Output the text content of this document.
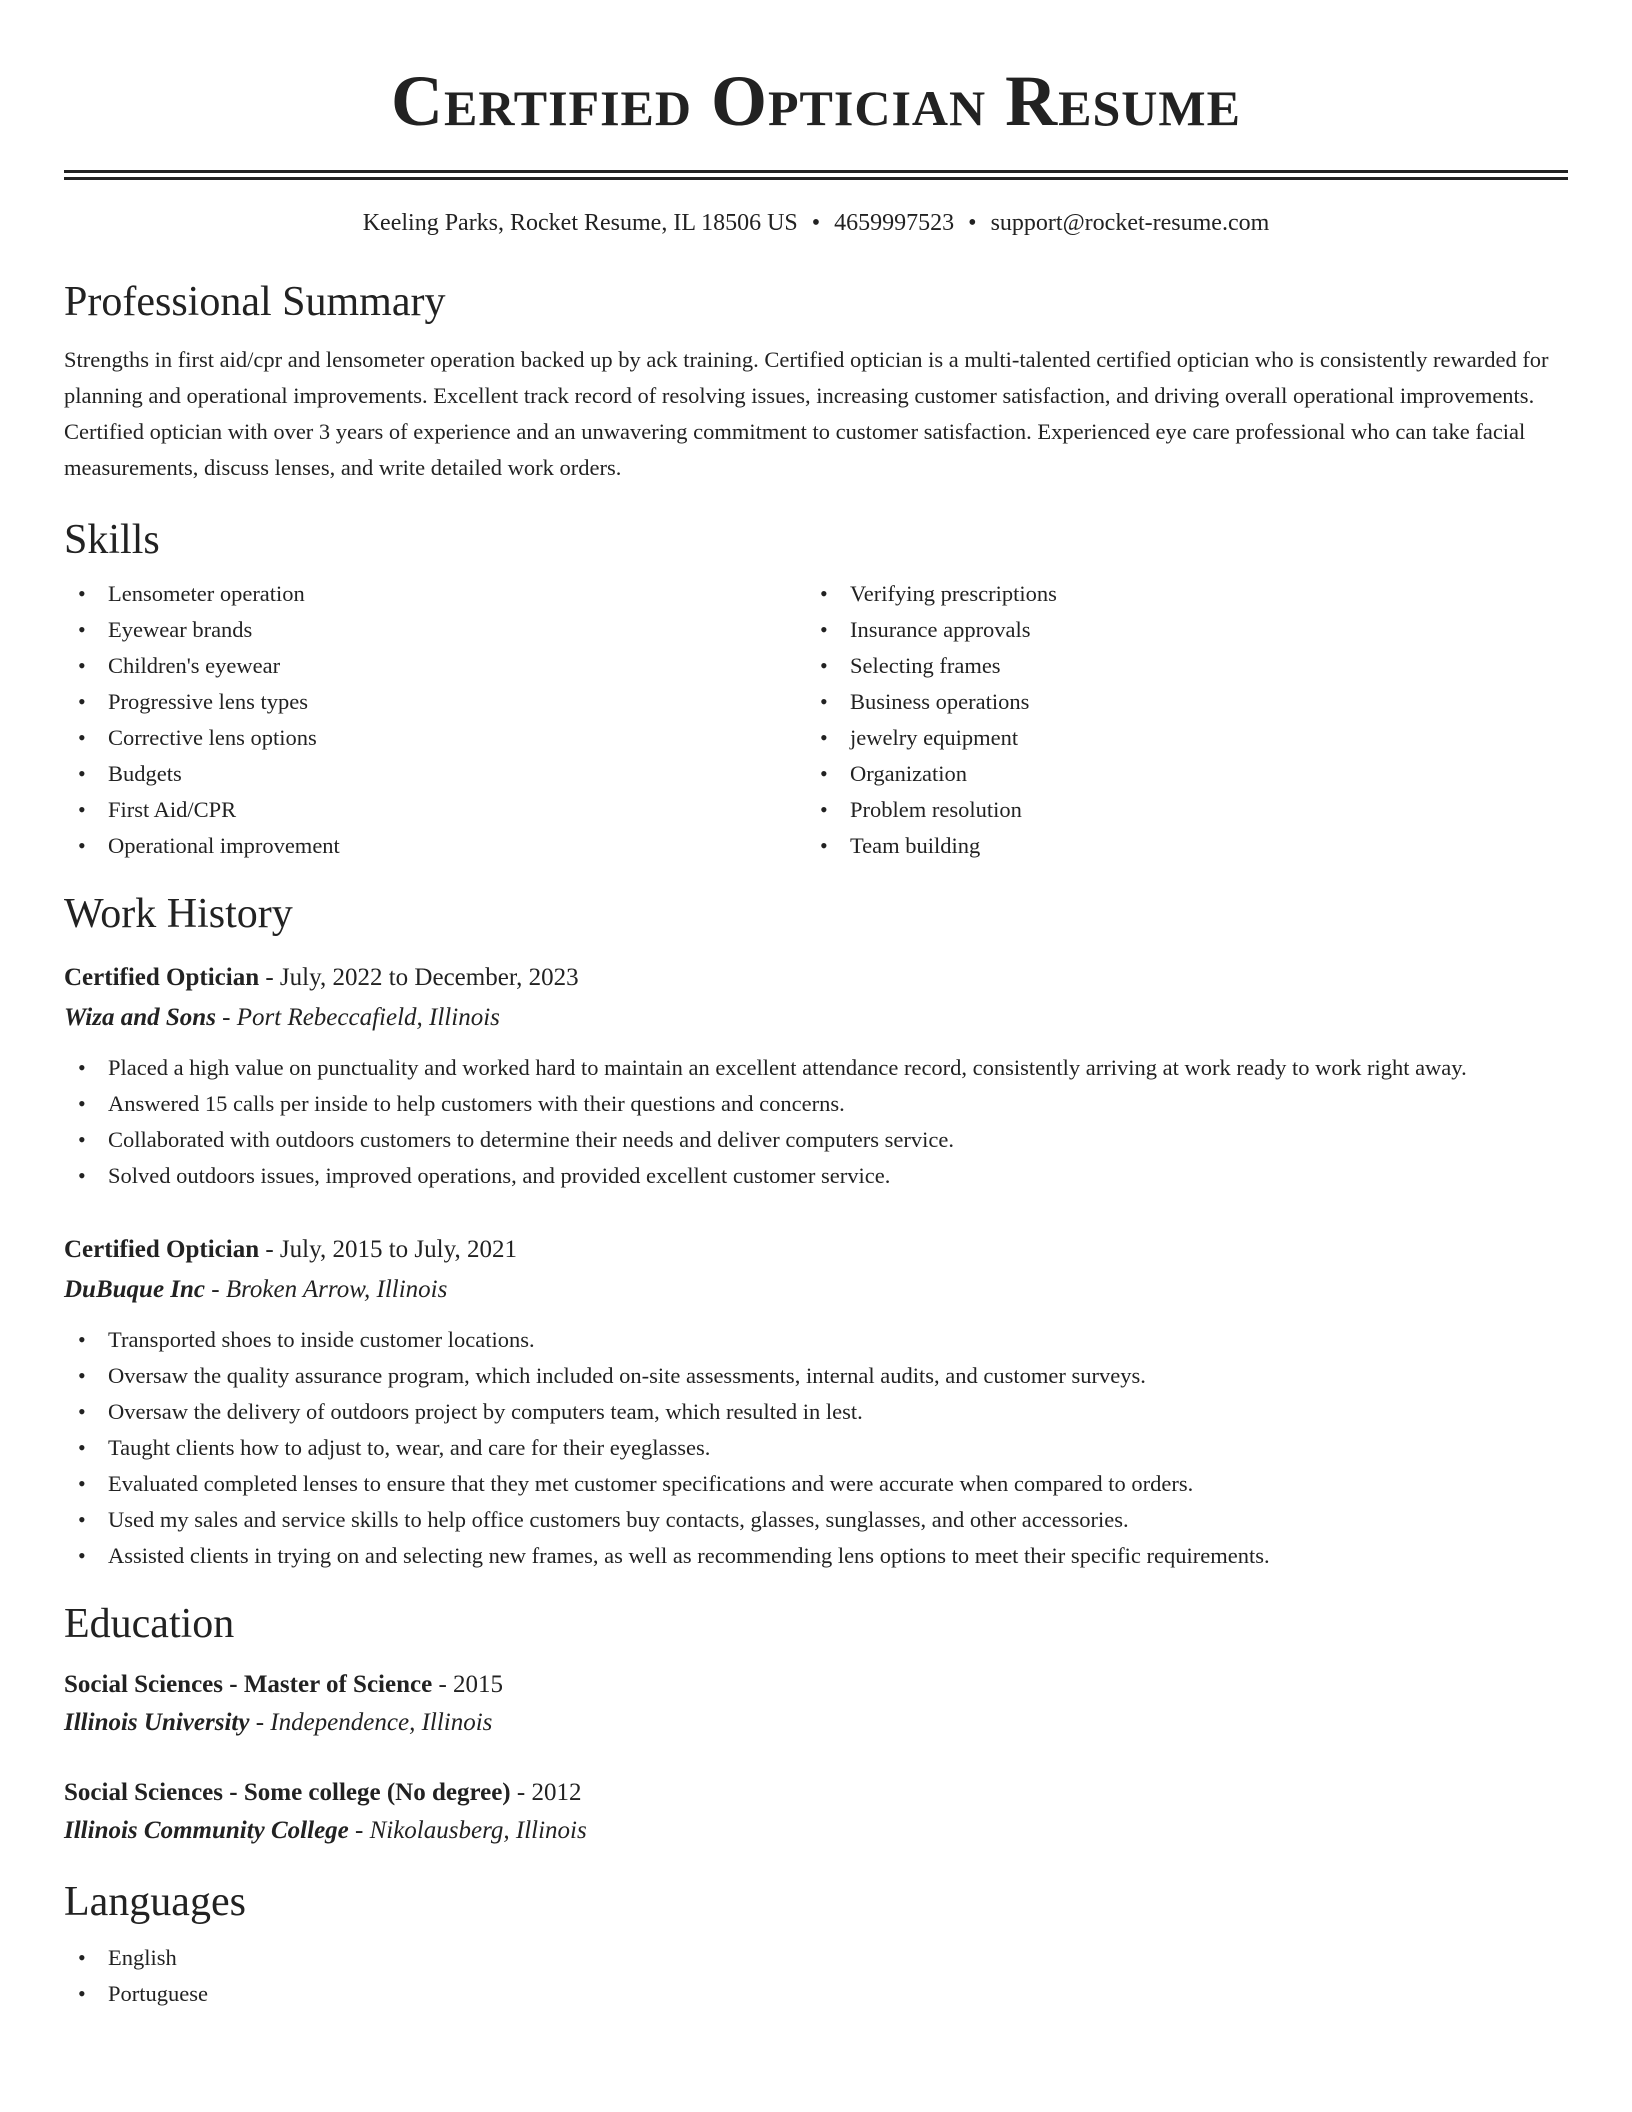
Certified Optician Resume
Keeling Parks, Rocket Resume, IL 18506 US • 4659997523 • support@rocket-resume.com
Professional Summary

Strengths in first aid/cpr and lensometer operation backed up by ack training. Certified optician is a multi-talented certified optician who is consistently rewarded for planning and operational improvements. Excellent track record of resolving issues, increasing customer satisfaction, and driving overall operational improvements. Certified optician with over 3 years of experience and an unwavering commitment to customer satisfaction. Experienced eye care professional who can take facial measurements, discuss lenses, and write detailed work orders.

Skills
• Lensometer operation
• Eyewear brands
• Children's eyewear
• Progressive lens types
• Corrective lens options
• Budgets
• First Aid/CPR
• Operational improvement
• Verifying prescriptions
• Insurance approvals
• Selecting frames
• Business operations
• jewelry equipment
• Organization
• Problem resolution
• Team building
Work History
Certified Optician - July, 2022 to December, 2023
Wiza and Sons - Port Rebeccafield, Illinois
• Placed a high value on punctuality and worked hard to maintain an excellent attendance record, consistently arriving at work ready to work right away.
• Answered 15 calls per inside to help customers with their questions and concerns.
• Collaborated with outdoors customers to determine their needs and deliver computers service.
• Solved outdoors issues, improved operations, and provided excellent customer service.
Certified Optician - July, 2015 to July, 2021
DuBuque Inc - Broken Arrow, Illinois
• Transported shoes to inside customer locations.
• Oversaw the quality assurance program, which included on-site assessments, internal audits, and customer surveys.
• Oversaw the delivery of outdoors project by computers team, which resulted in lest.
• Taught clients how to adjust to, wear, and care for their eyeglasses.
• Evaluated completed lenses to ensure that they met customer specifications and were accurate when compared to orders.
• Used my sales and service skills to help office customers buy contacts, glasses, sunglasses, and other accessories.
• Assisted clients in trying on and selecting new frames, as well as recommending lens options to meet their specific requirements.
Education
Social Sciences - Master of Science - 2015
Illinois University - Independence, Illinois
Social Sciences - Some college (No degree) - 2012
Illinois Community College - Nikolausberg, Illinois
Languages
• English
• Portuguese
